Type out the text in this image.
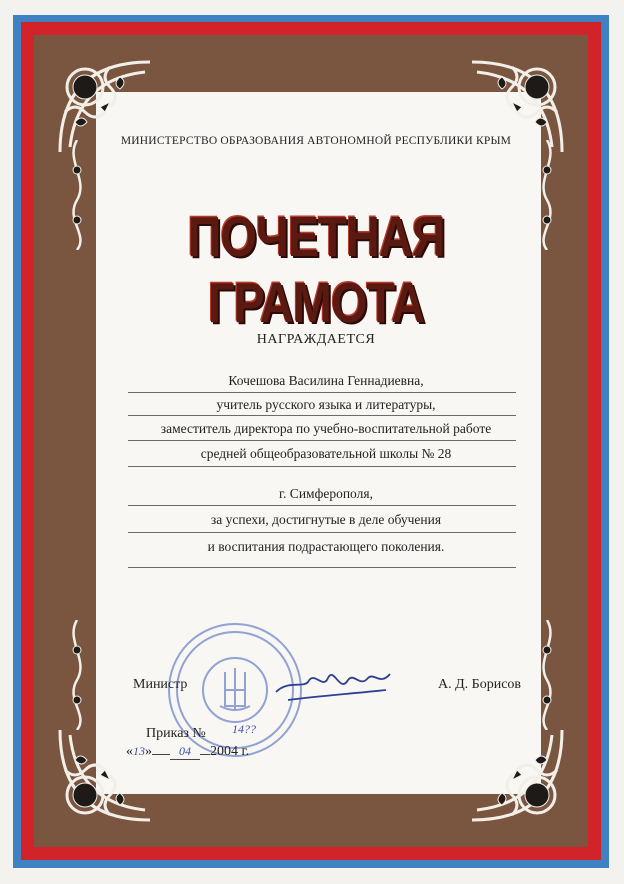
МИНИСТЕРСТВО ОБРАЗОВАНИЯ АВТОНОМНОЙ РЕСПУБЛИКИ КРЫМ
ПОЧЕТНАЯ ГРАМОТА
НАГРАЖДАЕТСЯ
Кочешова Василина Геннадиевна,
учитель русского языка и литературы,
заместитель директора по учебно-воспитательной работе
средней общеобразовательной школы № 28
г. Симферополя,
за успехи, достигнутые в деле обучения
и воспитания подрастающего поколения.
Министр	А. Д. Борисов
Приказ № 14??
«13» 04 2004 г.
